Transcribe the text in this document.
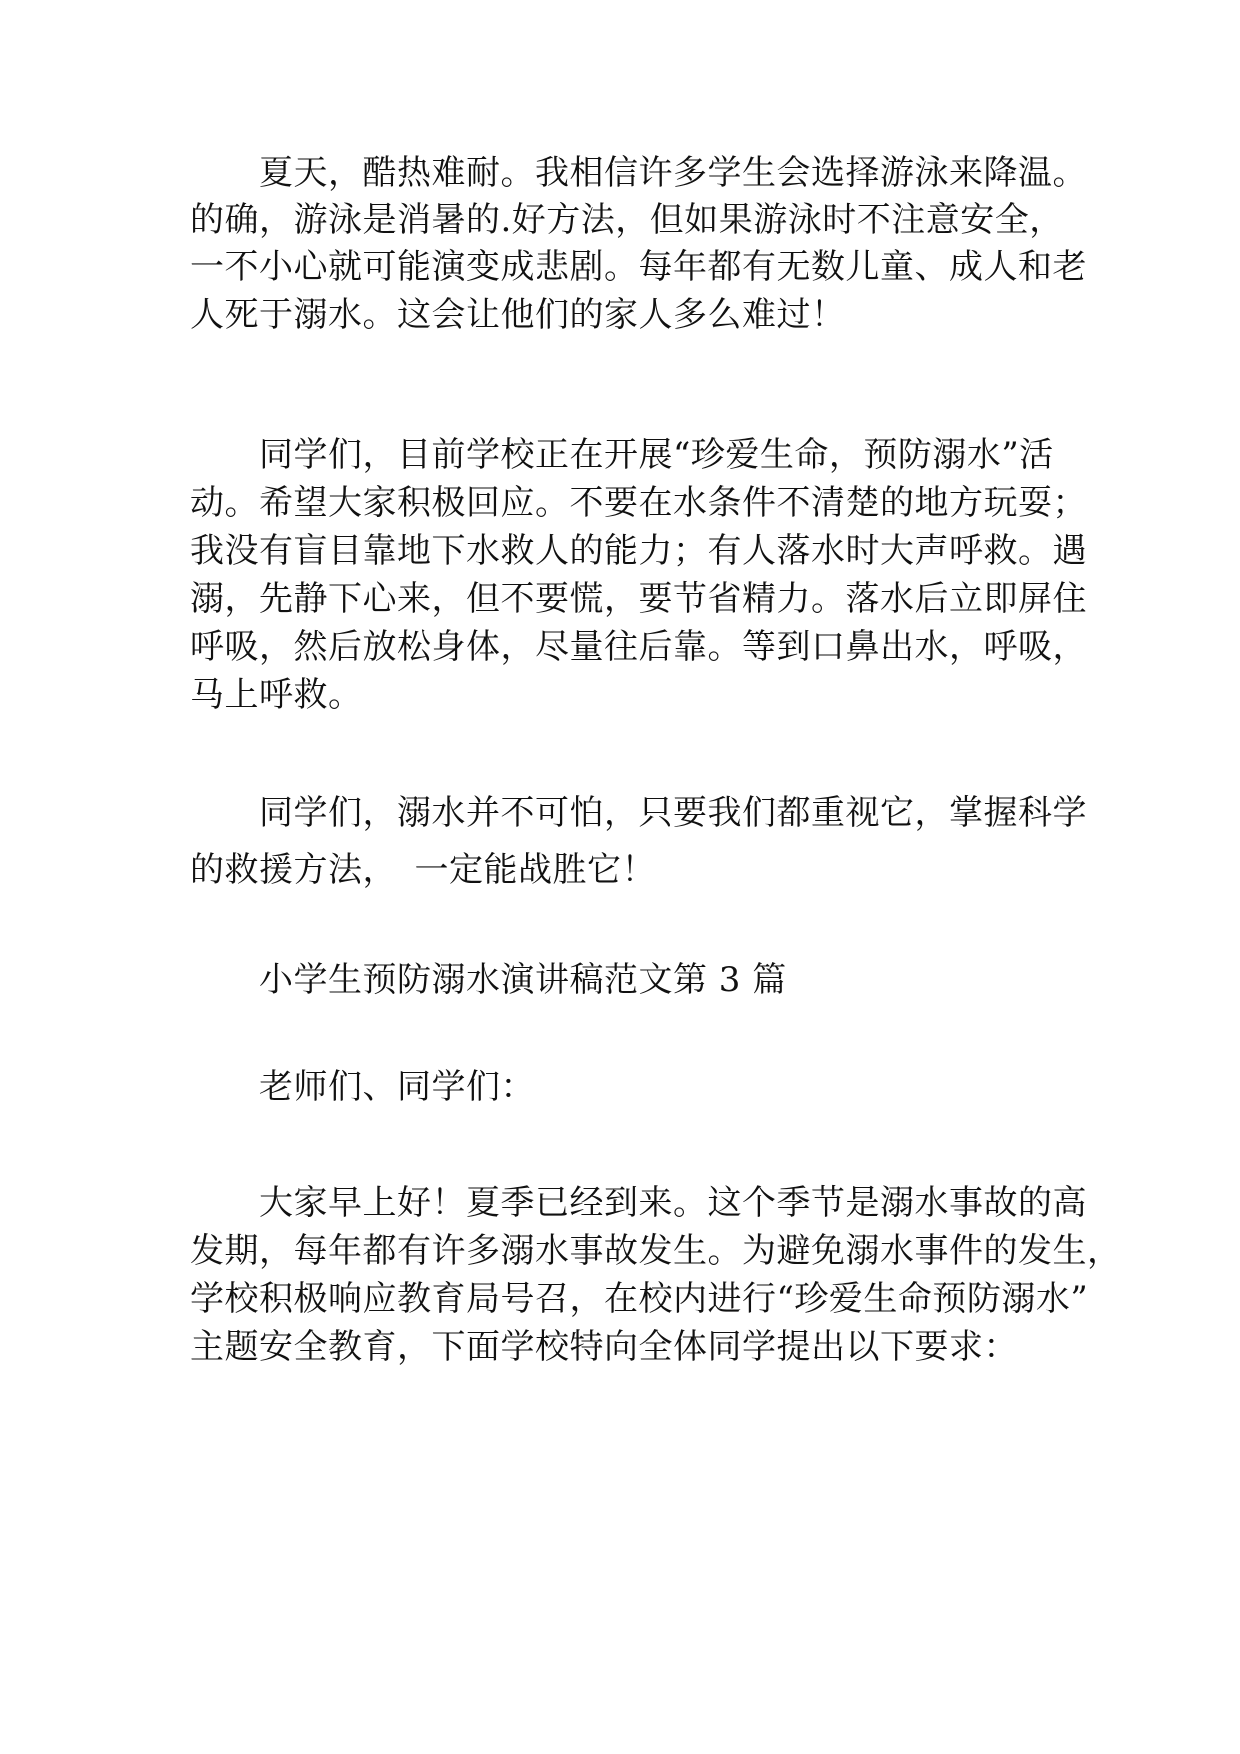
　　夏天，酷热难耐。我相信许多学生会选择游泳来降温。
的确，游泳是消暑的.好方法，但如果游泳时不注意安全，
一不小心就可能演变成悲剧。每年都有无数儿童、成人和老
人死于溺水。这会让他们的家人多么难过！
　　同学们，目前学校正在开展“珍爱生命，预防溺水”活
动。希望大家积极回应。不要在水条件不清楚的地方玩耍；
我没有盲目靠地下水救人的能力；有人落水时大声呼救。遇
溺，先静下心来，但不要慌，要节省精力。落水后立即屏住
呼吸，然后放松身体，尽量往后靠。等到口鼻出水，呼吸，
马上呼救。
　　同学们，溺水并不可怕，只要我们都重视它，掌握科学
的救援方法，　一定能战胜它！
　　小学生预防溺水演讲稿范文第 3 篇
　　老师们、同学们：
　　大家早上好！夏季已经到来。这个季节是溺水事故的高
发期，每年都有许多溺水事故发生。为避免溺水事件的发生，
学校积极响应教育局号召，在校内进行“珍爱生命预防溺水”
主题安全教育，下面学校特向全体同学提出以下要求：
